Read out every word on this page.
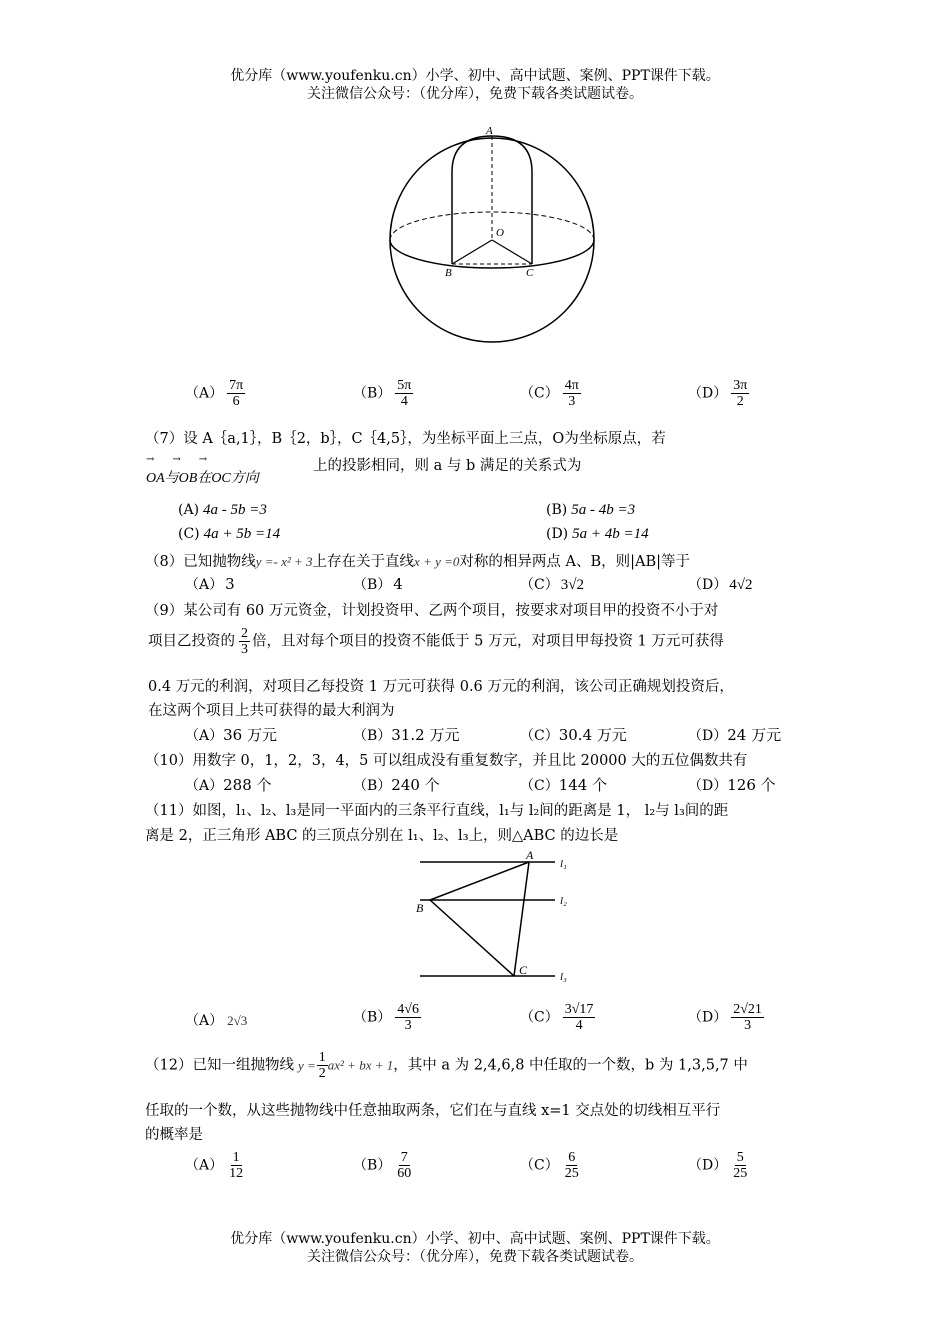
优分库（www.youfenku.cn）小学、初中、高中试题、案例、PPT课件下载。
关注微信公众号：（优分库），免费下载各类试题试卷。
A
O
B	C
$(A) \frac{7\pi}{6}$	$(B) \frac{5\pi}{4}$	$(C) \frac{4\pi}{3}$	$(D) \frac{3\pi}{2}$
（7）设 A｛a,1｝，B｛2，b｝，C｛4,5｝，为坐标平面上三点，O为坐标原点，若
→→→
OA与OB在OC方向
上的投影相同，则 a 与 b 满足的关系式为
(A) 4a - 5b =3	(B) 5a - 4b =3
(C) 4a + 5b =14	(D) 5a + 4b =14
（8）已知抛物线y =- x² + 3上存在关于直线x + y =0对称的相异两点 A、B，则|AB|等于
（A） 3	（B） 4	（C） 3√2	（D） 4√2
（9）某公司有 60 万元资金，计划投资甲、乙两个项目，按要求对项目甲的投资不小于对
项目乙投资的 $\frac{2}{3}$ 倍，且对每个项目的投资不能低于 5 万元，对项目甲每投资 1 万元可获得
0.4 万元的利润，对项目乙每投资 1 万元可获得 0.6 万元的利润，该公司正确规划投资后，
在这两个项目上共可获得的最大利润为
（A）36 万元	（B）31.2 万元	（C）30.4 万元	（D）24 万元
（10）用数字 0，1，2，3，4，5 可以组成没有重复数字，并且比 20000 大的五位偶数共有
（A）288 个	（B）240 个	（C）144 个	（D）126 个
（11）如图，l₁、l₂、l₃是同一平面内的三条平行直线，l₁与 l₂间的距离是 1， l₂与 l₃间的距
离是 2，正三角形 ABC 的三顶点分别在 l₁、l₂、l₃上，则△ABC 的边长是
A
B
C
l₁
l₂
l₃
（A） 2√3	$(B) \frac{4√6}{3}$	$(C) \frac{3√17}{4}$	$(D) \frac{2√21}{3}$
（12）已知一组抛物线 $y = \frac{1}{2} ax^2$ + bx + 1，其中 a 为 2,4,6,8 中任取的一个数，b 为 1,3,5,7 中
任取的一个数，从这些抛物线中任意抽取两条，它们在与直线 x=1 交点处的切线相互平行
的概率是
$(A) \frac{1}{12}$	$(B) \frac{7}{60}$	$(C) \frac{6}{25}$	$(D) \frac{5}{25}$
优分库（www.youfenku.cn）小学、初中、高中试题、案例、PPT课件下载。
关注微信公众号：（优分库），免费下载各类试题试卷。
